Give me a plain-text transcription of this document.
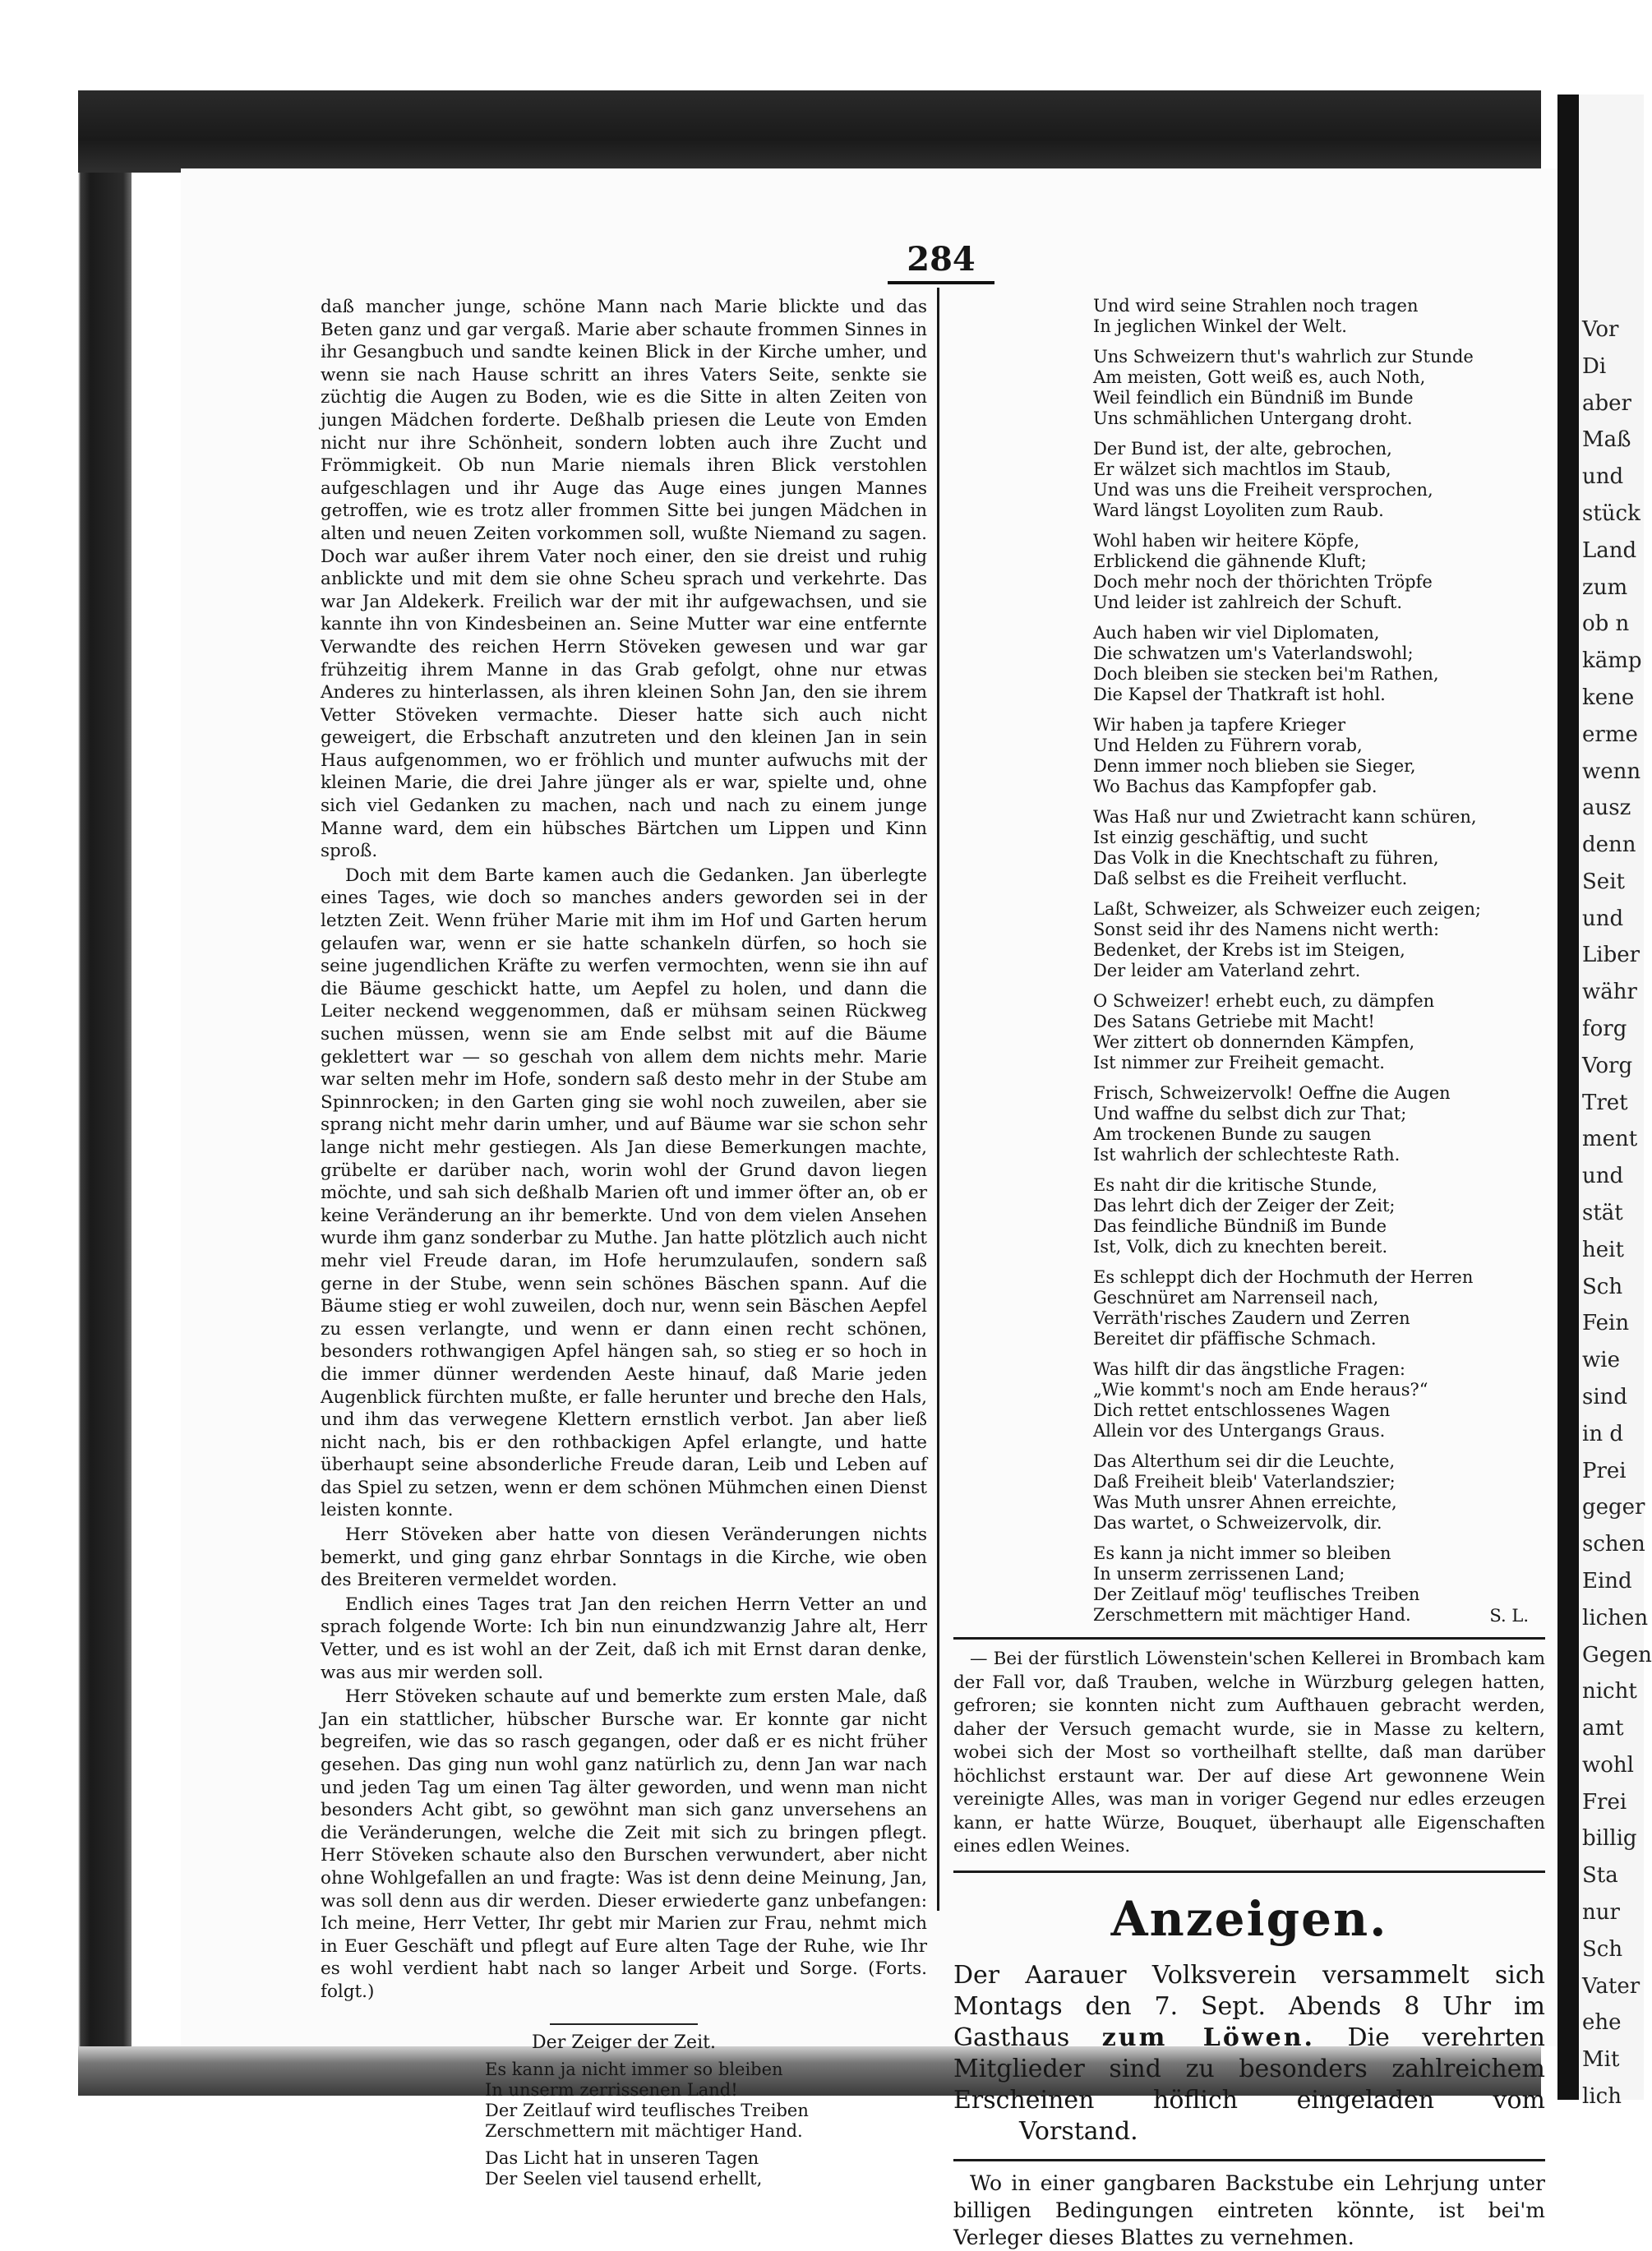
Vor
Di
aber
Maß
und
stück
Land
zum
ob n
kämp
kene
erme
wenn
ausz
denn
Seit
und
Liber
währ
forg
Vorg
Tret
ment
und
stät
heit
Sch
Fein
wie
sind
in d
Prei
geger
schen
Eind
lichen
Gegen
nicht
amt
wohl
Frei
billig
Sta
nur
Sch
Vater
ehe
Mit
lich
284

daß mancher junge, schöne Mann nach Marie blickte und das Beten ganz und gar vergaß. Marie aber schaute frommen Sinnes in ihr Gesangbuch und sandte keinen Blick in der Kirche umher, und wenn sie nach Hause schritt an ihres Vaters Seite, senkte sie züchtig die Augen zu Boden, wie es die Sitte in alten Zeiten von jungen Mädchen forderte. Deßhalb priesen die Leute von Emden nicht nur ihre Schönheit, sondern lobten auch ihre Zucht und Frömmigkeit. Ob nun Marie niemals ihren Blick verstohlen aufgeschlagen und ihr Auge das Auge eines jungen Mannes getroffen, wie es trotz aller frommen Sitte bei jungen Mädchen in alten und neuen Zeiten vorkommen soll, wußte Niemand zu sagen. Doch war außer ihrem Vater noch einer, den sie dreist und ruhig anblickte und mit dem sie ohne Scheu sprach und verkehrte. Das war Jan Aldekerk. Freilich war der mit ihr aufgewachsen, und sie kannte ihn von Kindesbeinen an. Seine Mutter war eine entfernte Verwandte des reichen Herrn Stöveken gewesen und war gar frühzeitig ihrem Manne in das Grab gefolgt, ohne nur etwas Anderes zu hinterlassen, als ihren kleinen Sohn Jan, den sie ihrem Vetter Stöveken vermachte. Dieser hatte sich auch nicht geweigert, die Erbschaft anzutreten und den kleinen Jan in sein Haus aufgenommen, wo er fröhlich und munter aufwuchs mit der kleinen Marie, die drei Jahre jünger als er war, spielte und, ohne sich viel Gedanken zu machen, nach und nach zu einem junge Manne ward, dem ein hübsches Bärtchen um Lippen und Kinn sproß.

Doch mit dem Barte kamen auch die Gedanken. Jan überlegte eines Tages, wie doch so manches anders geworden sei in der letzten Zeit. Wenn früher Marie mit ihm im Hof und Garten herum gelaufen war, wenn er sie hatte schankeln dürfen, so hoch sie seine jugendlichen Kräfte zu werfen vermochten, wenn sie ihn auf die Bäume geschickt hatte, um Aepfel zu holen, und dann die Leiter neckend weggenommen, daß er mühsam seinen Rückweg suchen müssen, wenn sie am Ende selbst mit auf die Bäume geklettert war — so geschah von allem dem nichts mehr. Marie war selten mehr im Hofe, sondern saß desto mehr in der Stube am Spinnrocken; in den Garten ging sie wohl noch zuweilen, aber sie sprang nicht mehr darin umher, und auf Bäume war sie schon sehr lange nicht mehr gestiegen. Als Jan diese Bemerkungen machte, grübelte er darüber nach, worin wohl der Grund davon liegen möchte, und sah sich deßhalb Marien oft und immer öfter an, ob er keine Veränderung an ihr bemerkte. Und von dem vielen Ansehen wurde ihm ganz sonderbar zu Muthe. Jan hatte plötzlich auch nicht mehr viel Freude daran, im Hofe herumzulaufen, sondern saß gerne in der Stube, wenn sein schönes Bäschen spann. Auf die Bäume stieg er wohl zuweilen, doch nur, wenn sein Bäschen Aepfel zu essen verlangte, und wenn er dann einen recht schönen, besonders rothwangigen Apfel hängen sah, so stieg er so hoch in die immer dünner werdenden Aeste hinauf, daß Marie jeden Augenblick fürchten mußte, er falle herunter und breche den Hals, und ihm das verwegene Klettern ernstlich verbot. Jan aber ließ nicht nach, bis er den rothbackigen Apfel erlangte, und hatte überhaupt seine absonderliche Freude daran, Leib und Leben auf das Spiel zu setzen, wenn er dem schönen Mühmchen einen Dienst leisten konnte.

Herr Stöveken aber hatte von diesen Veränderungen nichts bemerkt, und ging ganz ehrbar Sonntags in die Kirche, wie oben des Breiteren vermeldet worden.

Endlich eines Tages trat Jan den reichen Herrn Vetter an und sprach folgende Worte: Ich bin nun einundzwanzig Jahre alt, Herr Vetter, und es ist wohl an der Zeit, daß ich mit Ernst daran denke, was aus mir werden soll.

Herr Stöveken schaute auf und bemerkte zum ersten Male, daß Jan ein stattlicher, hübscher Bursche war. Er konnte gar nicht begreifen, wie das so rasch gegangen, oder daß er es nicht früher gesehen. Das ging nun wohl ganz natürlich zu, denn Jan war nach und jeden Tag um einen Tag älter geworden, und wenn man nicht besonders Acht gibt, so gewöhnt man sich ganz unversehens an die Veränderungen, welche die Zeit mit sich zu bringen pflegt. Herr Stöveken schaute also den Burschen verwundert, aber nicht ohne Wohlgefallen an und fragte: Was ist denn deine Meinung, Jan, was soll denn aus dir werden. Dieser erwiederte ganz unbefangen: Ich meine, Herr Vetter, Ihr gebt mir Marien zur Frau, nehmt mich in Euer Geschäft und pflegt auf Eure alten Tage der Ruhe, wie Ihr es wohl verdient habt nach so langer Arbeit und Sorge. (Forts. folgt.)

Der Zeiger der Zeit.
Es kann ja nicht immer so bleiben
In unserm zerrissenen Land!
Der Zeitlauf wird teuflisches Treiben
Zerschmettern mit mächtiger Hand.
Das Licht hat in unseren Tagen
Der Seelen viel tausend erhellt,
Und wird seine Strahlen noch tragen
In jeglichen Winkel der Welt.
Uns Schweizern thut's wahrlich zur Stunde
Am meisten, Gott weiß es, auch Noth,
Weil feindlich ein Bündniß im Bunde
Uns schmählichen Untergang droht.
Der Bund ist, der alte, gebrochen,
Er wälzet sich machtlos im Staub,
Und was uns die Freiheit versprochen,
Ward längst Loyoliten zum Raub.
Wohl haben wir heitere Köpfe,
Erblickend die gähnende Kluft;
Doch mehr noch der thörichten Tröpfe
Und leider ist zahlreich der Schuft.
Auch haben wir viel Diplomaten,
Die schwatzen um's Vaterlandswohl;
Doch bleiben sie stecken bei'm Rathen,
Die Kapsel der Thatkraft ist hohl.
Wir haben ja tapfere Krieger
Und Helden zu Führern vorab,
Denn immer noch blieben sie Sieger,
Wo Bachus das Kampfopfer gab.
Was Haß nur und Zwietracht kann schüren,
Ist einzig geschäftig, und sucht
Das Volk in die Knechtschaft zu führen,
Daß selbst es die Freiheit verflucht.
Laßt, Schweizer, als Schweizer euch zeigen;
Sonst seid ihr des Namens nicht werth:
Bedenket, der Krebs ist im Steigen,
Der leider am Vaterland zehrt.
O Schweizer! erhebt euch, zu dämpfen
Des Satans Getriebe mit Macht!
Wer zittert ob donnernden Kämpfen,
Ist nimmer zur Freiheit gemacht.
Frisch, Schweizervolk! Oeffne die Augen
Und waffne du selbst dich zur That;
Am trockenen Bunde zu saugen
Ist wahrlich der schlechteste Rath.
Es naht dir die kritische Stunde,
Das lehrt dich der Zeiger der Zeit;
Das feindliche Bündniß im Bunde
Ist, Volk, dich zu knechten bereit.
Es schleppt dich der Hochmuth der Herren
Geschnüret am Narrenseil nach,
Verräth'risches Zaudern und Zerren
Bereitet dir pfäffische Schmach.
Was hilft dir das ängstliche Fragen:
„Wie kommt's noch am Ende heraus?“
Dich rettet entschlossenes Wagen
Allein vor des Untergangs Graus.
Das Alterthum sei dir die Leuchte,
Daß Freiheit bleib' Vaterlandszier;
Was Muth unsrer Ahnen erreichte,
Das wartet, o Schweizervolk, dir.
Es kann ja nicht immer so bleiben
In unserm zerrissenen Land;
Der Zeitlauf mög' teuflisches Treiben
Zerschmettern mit mächtiger Hand.	S. L.

— Bei der fürstlich Löwenstein'schen Kellerei in Brombach kam der Fall vor, daß Trauben, welche in Würzburg gelegen hatten, gefroren; sie konnten nicht zum Aufthauen gebracht werden, daher der Versuch gemacht wurde, sie in Masse zu keltern, wobei sich der Most so vortheilhaft stellte, daß man darüber höchlichst erstaunt war. Der auf diese Art gewonnene Wein vereinigte Alles, was man in voriger Gegend nur edles erzeugen kann, er hatte Würze, Bouquet, überhaupt alle Eigenschaften eines edlen Weines.

Anzeigen.

Der Aarauer Volksverein versammelt sich Montags den 7. Sept. Abends 8 Uhr im Gasthaus zum Löwen. Die verehrten Mitglieder sind zu besonders zahlreichem Erscheinen höflich eingeladen vomVorstand.

Wo in einer gangbaren Backstube ein Lehrjung unter billigen Bedingungen eintreten könnte, ist bei'm Verleger dieses Blattes zu vernehmen.
